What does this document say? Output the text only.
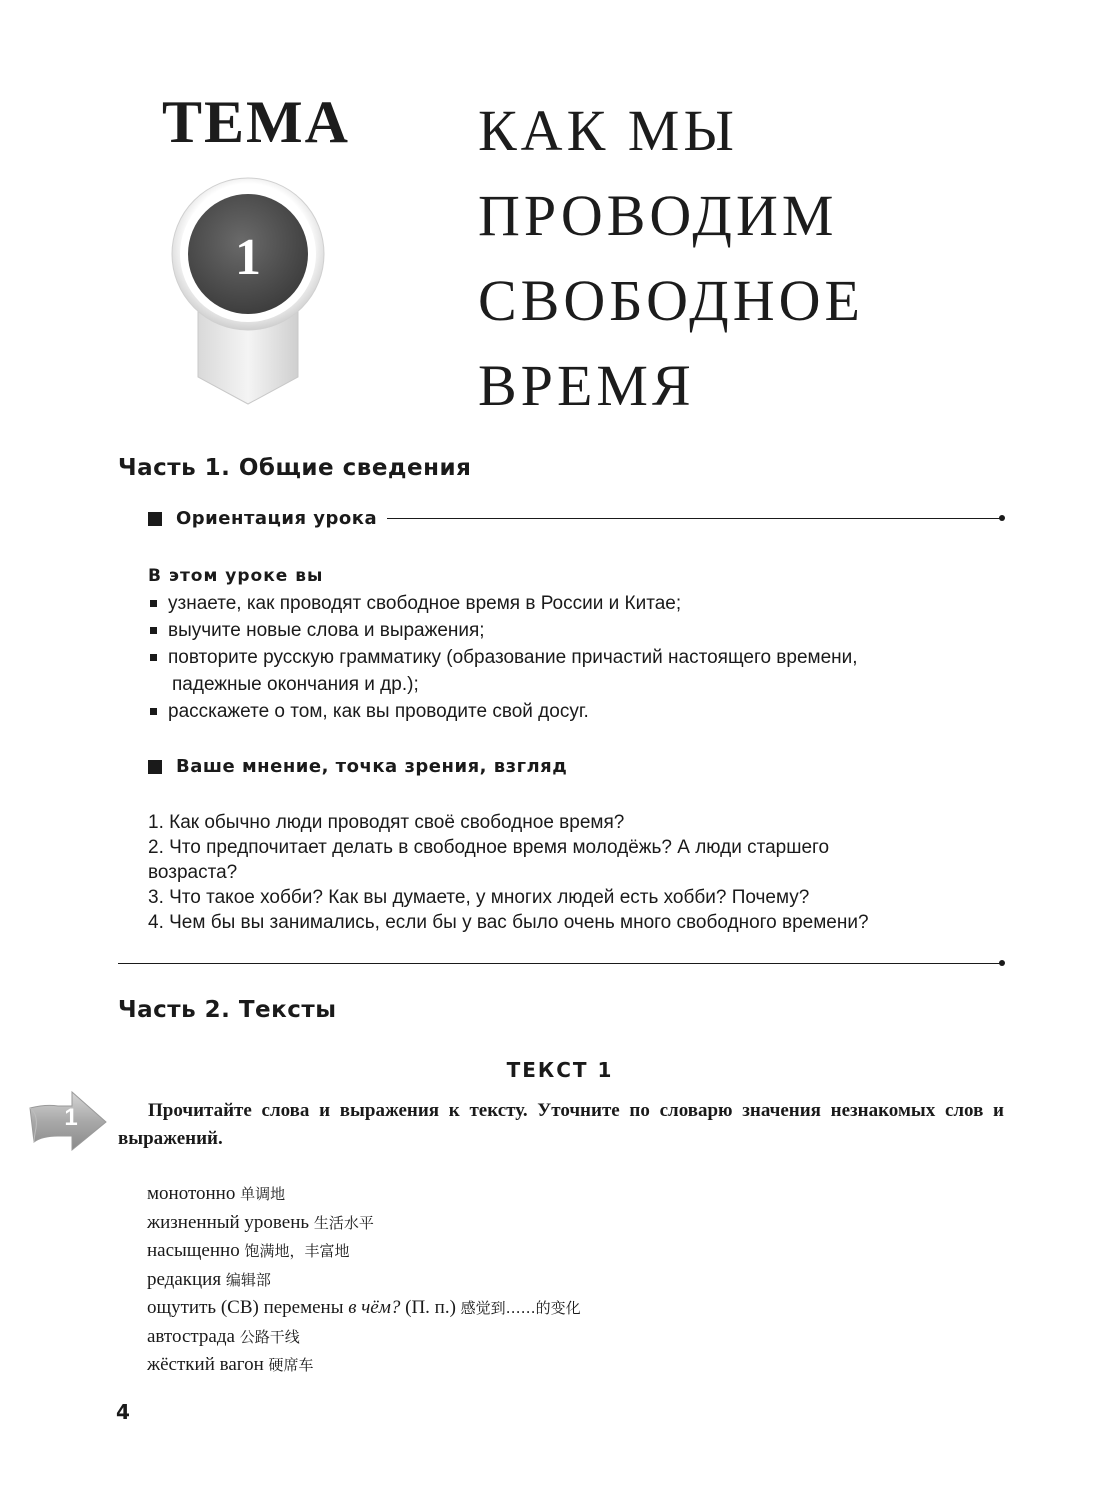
ТЕМА
1
КАК МЫ
ПРОВОДИМ
СВОБОДНОЕ
ВРЕМЯ
Часть 1. Общие сведения
Ориентация урока
В этом уроке вы
узнаете, как проводят свободное время в России и Китае;
выучите новые слова и выражения;
повторите русскую грамматику (образование причастий настоящего времени,
падежные окончания и др.);
расскажете о том, как вы проводите свой досуг.
Ваше мнение, точка зрения, взгляд
1. Как обычно люди проводят своё свободное время?
2. Что предпочитает делать в свободное время молодёжь? А люди старшего
возраста?
3. Что такое хобби? Как вы думаете, у многих людей есть хобби? Почему?
4. Чем бы вы занимались, если бы у вас было очень много свободного времени?
Часть 2. Тексты
ТЕКСТ 1
1	Прочитайте слова и выражения к тексту. Уточните по словарю значения незнакомых слов и выражений.
монотонно 单调地
жизненный уровень 生活水平
насыщенно 饱满地，丰富地
редакция 编辑部
ощутить (СВ) перемены в чём? (П. п.) 感觉到……的变化
автострада 公路干线
жёсткий вагон 硬席车
4
